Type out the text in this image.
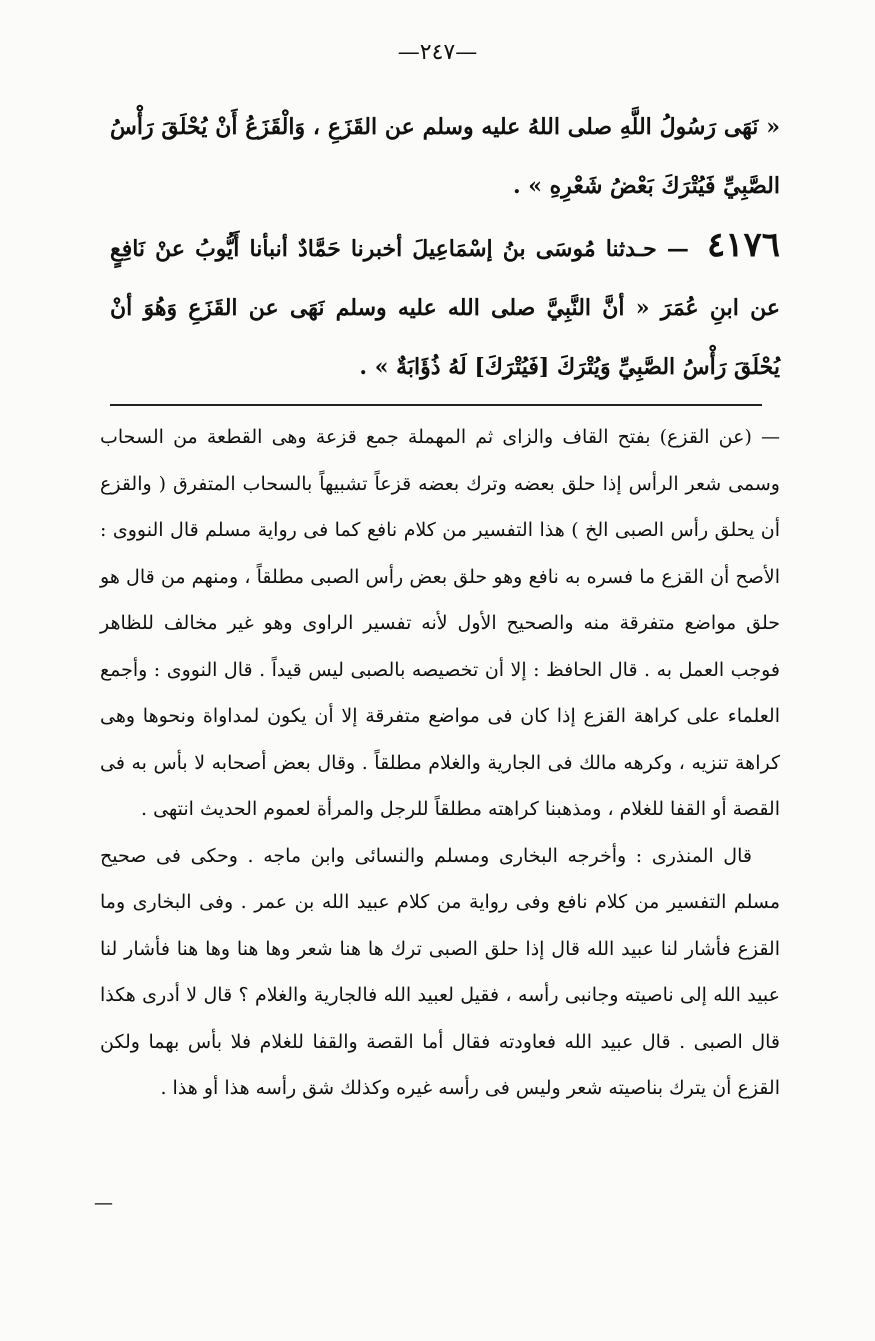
—٢٤٧—
« نَهَى رَسُولُ اللَّهِ صلى اللهُ عليه وسلم عن القَزَعِ ، وَالْقَزَعُ أَنْ يُحْلَقَ رَأْسُ الصَّبِيِّ فَيُتْرَكَ بَعْضُ شَعْرِهِ » .
٤١٧٦ — حـدثنا مُوسَى بنُ إسْمَاعِيلَ أخبرنا حَمَّادٌ أنبأنا أَيُّوبُ عنْ نَافِعٍ عن ابنِ عُمَرَ « أنَّ النَّبِيَّ صلى الله عليه وسلم نَهَى عن القَزَعِ وَهُوَ أنْ يُحْلَقَ رَأْسُ الصَّبِيِّ وَيُتْرَكَ [فَيُتْرَكَ] لَهُ ذُؤَابَةٌ » .

— (عن القزع) بفتح القاف والزاى ثم المهملة جمع قزعة وهى القطعة من السحاب وسمى شعر الرأس إذا حلق بعضه وترك بعضه قزعاً تشبيهاً بالسحاب المتفرق ( والقزع أن يحلق رأس الصبى الخ ) هذا التفسير من كلام نافع كما فى رواية مسلم قال النووى : الأصح أن القزع ما فسره به نافع وهو حلق بعض رأس الصبى مطلقاً ، ومنهم من قال هو حلق مواضع متفرقة منه والصحيح الأول لأنه تفسير الراوى وهو غير مخالف للظاهر فوجب العمل به . قال الحافظ : إلا أن تخصيصه بالصبى ليس قيداً . قال النووى : وأجمع العلماء على كراهة القزع إذا كان فى مواضع متفرقة إلا أن يكون لمداواة ونحوها وهى كراهة تنزيه ، وكرهه مالك فى الجارية والغلام مطلقاً . وقال بعض أصحابه لا بأس به فى القصة أو القفا للغلام ، ومذهبنا كراهته مطلقاً للرجل والمرأة لعموم الحديث انتهى .

قال المنذرى : وأخرجه البخارى ومسلم والنسائى وابن ماجه . وحكى فى صحيح مسلم التفسير من كلام نافع وفى رواية من كلام عبيد الله بن عمر . وفى البخارى وما القزع فأشار لنا عبيد الله قال إذا حلق الصبى ترك ها هنا شعر وها هنا وها هنا فأشار لنا عبيد الله إلى ناصيته وجانبى رأسه ، فقيل لعبيد الله فالجارية والغلام ؟ قال لا أدرى هكذا قال الصبى . قال عبيد الله فعاودته فقال أما القصة والقفا للغلام فلا بأس بهما ولكن القزع أن يترك بناصيته شعر وليس فى رأسه غيره وكذلك شق رأسه هذا أو هذا .

—
